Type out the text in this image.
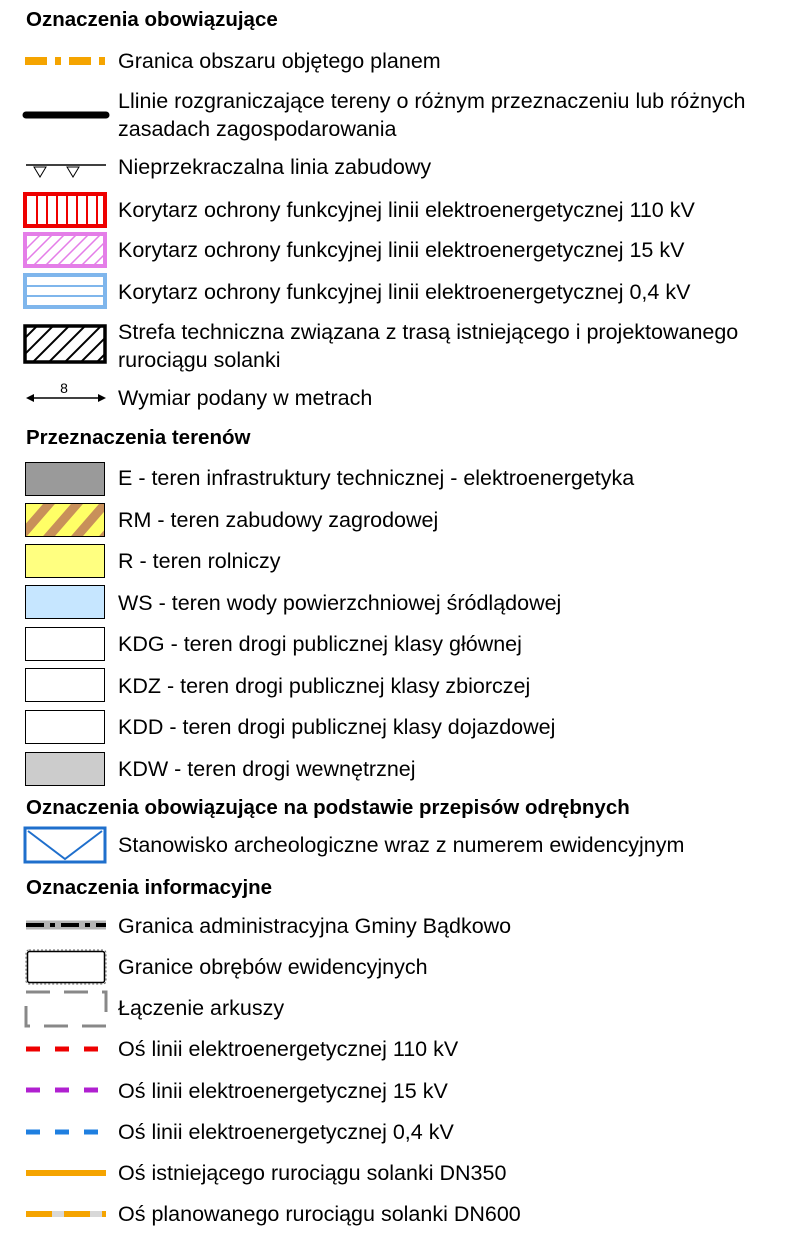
Oznaczenia obowiązujące
Granica obszaru objętego planem
Llinie rozgraniczające tereny o różnym przeznaczeniu lub różnych zasadach zagospodarowania
Nieprzekraczalna linia zabudowy
Korytarz ochrony funkcyjnej linii elektroenergetycznej 110 kV
Korytarz ochrony funkcyjnej linii elektroenergetycznej 15 kV
Korytarz ochrony funkcyjnej linii elektroenergetycznej 0,4 kV
Strefa techniczna związana z trasą istniejącego i projektowanego rurociągu solanki
8 Wymiar podany w metrach
Przeznaczenia terenów
E - teren infrastruktury technicznej - elektroenergetyka
RM - teren zabudowy zagrodowej
R - teren rolniczy
WS - teren wody powierzchniowej śródlądowej
KDG - teren drogi publicznej klasy głównej
KDZ - teren drogi publicznej klasy zbiorczej
KDD - teren drogi publicznej klasy dojazdowej
KDW - teren drogi wewnętrznej
Oznaczenia obowiązujące na podstawie przepisów odrębnych
Stanowisko archeologiczne wraz z numerem ewidencyjnym
Oznaczenia informacyjne
Granica administracyjna Gminy Bądkowo
Granice obrębów ewidencyjnych
Łączenie arkuszy
Oś linii elektroenergetycznej 110 kV
Oś linii elektroenergetycznej 15 kV
Oś linii elektroenergetycznej 0,4 kV
Oś istniejącego rurociągu solanki DN350
Oś planowanego rurociągu solanki DN600
